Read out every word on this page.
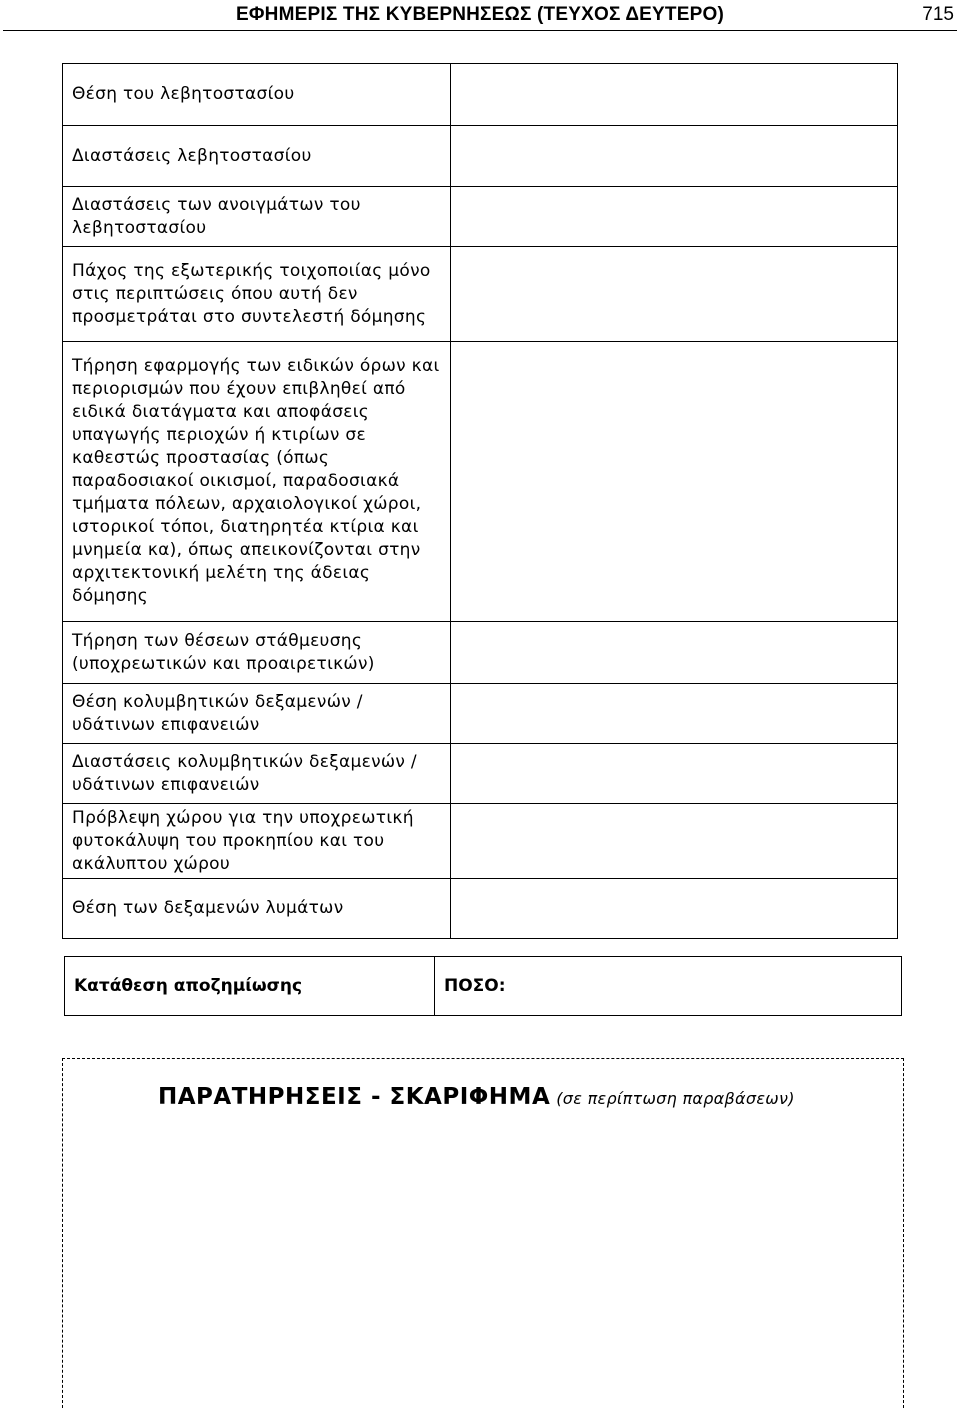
ΕΦΗΜΕΡΙΣ ΤΗΣ ΚΥΒΕΡΝΗΣΕΩΣ (ΤΕΥΧΟΣ ΔΕΥΤΕΡΟ)	715
Θέση του λεβητοστασίου	
Διαστάσεις λεβητοστασίου	
Διαστάσεις των ανοιγμάτων του λεβητοστασίου	
Πάχος της εξωτερικής τοιχοποιίας μόνο στις περιπτώσεις όπου αυτή δεν προσμετράται στο συντελεστή δόμησης	
Τήρηση εφαρμογής των ειδικών όρων και περιορισμών που έχουν επιβληθεί από ειδικά διατάγματα και αποφάσεις υπαγωγής περιοχών ή κτιρίων σε καθεστώς προστασίας (όπως παραδοσιακοί οικισμοί, παραδοσιακά τμήματα πόλεων, αρχαιολογικοί χώροι, ιστορικοί τόποι, διατηρητέα κτίρια και μνημεία κα), όπως απεικονίζονται στην αρχιτεκτονική μελέτη της άδειας δόμησης	
Τήρηση των θέσεων στάθμευσης (υποχρεωτικών και προαιρετικών)	
Θέση κολυμβητικών δεξαμενών / υδάτινων επιφανειών	
Διαστάσεις κολυμβητικών δεξαμενών / υδάτινων επιφανειών	
Πρόβλεψη χώρου για την υποχρεωτική φυτοκάλυψη του προκηπίου και του ακάλυπτου χώρου	
Θέση των δεξαμενών λυμάτων	
Κατάθεση αποζημίωσης	ΠΟΣΟ:
ΠΑΡΑΤΗΡΗΣΕΙΣ - ΣΚΑΡΙΦΗΜΑ (σε περίπτωση παραβάσεων)
